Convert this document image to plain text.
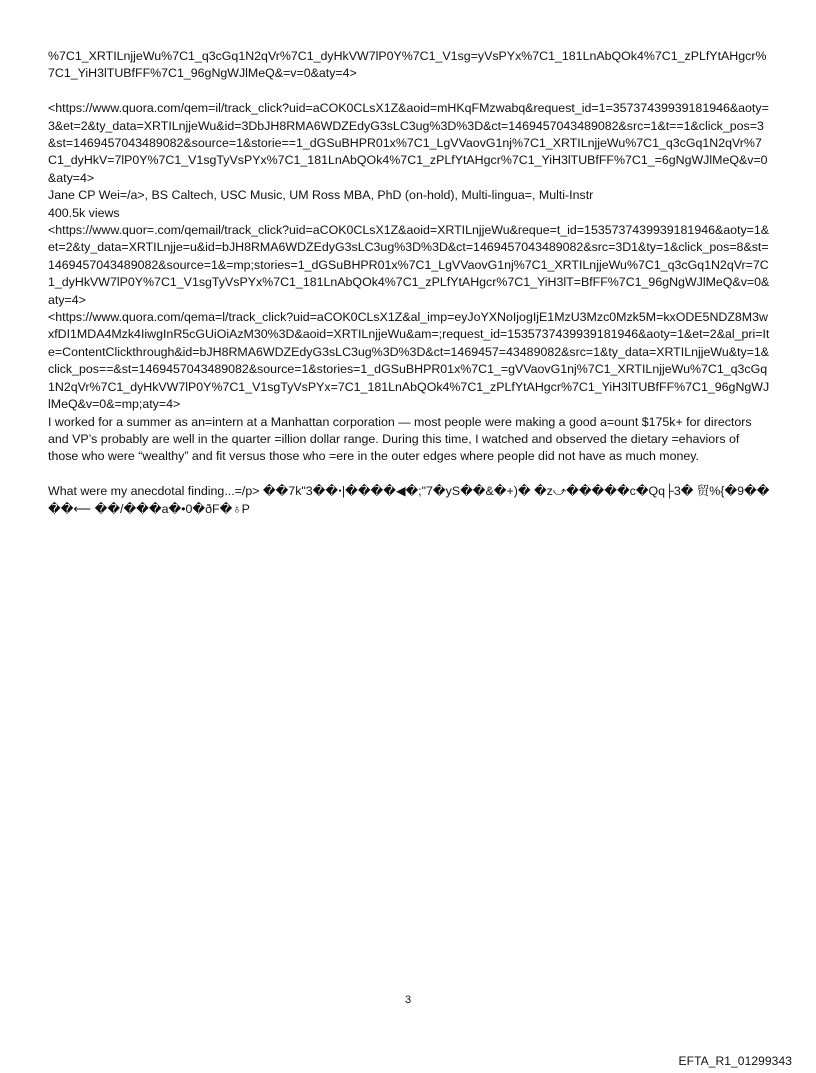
%7C1_XRTILnjjeWu%7C1_q3cGq1N2qVr%7C1_dyHkVW7lP0Y%7C1_V1sg=yVsPYx%7C1_181LnAbQOk4%7C1_zPLfYtAHgcr%7C1_YiH3lTUBfFF%7C1_96gNgWJlMeQ&=v=0&aty=4>

<https://www.quora.com/qem=il/track_click?uid=aCOK0CLsX1Z&aoid=mHKqFMzwabq&request_id=1=35737439939181946&aoty=3&et=2&ty_data=XRTILnjjeWu&id=3DbJH8RMA6WDZEdyG3sLC3ug%3D%3D&ct=1469457043489082&src=1&t==1&click_pos=3&st=1469457043489082&source=1&storie==1_dGSuBHPR01x%7C1_LgVVaovG1nj%7C1_XRTILnjjeWu%7C1_q3cGq1N2qVr%7C1_dyHkV=7lP0Y%7C1_V1sgTyVsPYx%7C1_181LnAbQOk4%7C1_zPLfYtAHgcr%7C1_YiH3lTUBfFF%7C1_=6gNgWJlMeQ&v=0&aty=4>

Jane CP Wei=/a>, BS Caltech, USC Music, UM Ross MBA, PhD (on-hold), Multi-lingua=, Multi-Instr

400.5k views

<https://www.quor=.com/qemail/track_click?uid=aCOK0CLsX1Z&aoid=XRTILnjjeWu&reque=t_id=1535737439939181946&aoty=1&et=2&ty_data=XRTILnjje=u&id=bJH8RMA6WDZEdyG3sLC3ug%3D%3D&ct=1469457043489082&src=3D1&ty=1&click_pos=8&st=1469457043489082&source=1&=mp;stories=1_dGSuBHPR01x%7C1_LgVVaovG1nj%7C1_XRTILnjjeWu%7C1_q3cGq1N2qVr=7C1_dyHkVW7lP0Y%7C1_V1sgTyVsPYx%7C1_181LnAbQOk4%7C1_zPLfYtAHgcr%7C1_YiH3lT=BfFF%7C1_96gNgWJlMeQ&v=0&aty=4>

<https://www.quora.com/qema=l/track_click?uid=aCOK0CLsX1Z&al_imp=eyJoYXNoIjogIjE1MzU3Mzc0Mzk5M=kxODE5NDZ8M3wxfDI1MDA4Mzk4IiwgInR5cGUiOiAzM30%3D&aoid=XRTILnjjeWu&am=;request_id=1535737439939181946&aoty=1&et=2&al_pri=Ite=ContentClickthrough&id=bJH8RMA6WDZEdyG3sLC3ug%3D%3D&ct=1469457=43489082&src=1&ty_data=XRTILnjjeWu&ty=1&click_pos==&st=1469457043489082&source=1&stories=1_dGSuBHPR01x%7C1_=gVVaovG1nj%7C1_XRTILnjjeWu%7C1_q3cGq1N2qVr%7C1_dyHkVW7lP0Y%7C1_V1sgTyVsPYx=7C1_181LnAbQOk4%7C1_zPLfYtAHgcr%7C1_YiH3lTUBfFF%7C1_96gNgWJlMeQ&v=0&=mp;aty=4>

I worked for a summer as an=intern at a Manhattan corporation — most people were making a good a=ount $175k+ for directors and VP’s probably are well in the quarter =illion dollar range. During this time, I watched and observed the dietary =ehaviors of those who were “wealthy” and fit versus those who =ere in the outer edges where people did not have as much money.

What were my anecdotal finding...=/p> ��7k"3��ꞏ|����◀�;"7�yS��&�+)� �z⤻�����c�Qq├3� 贸%{�9����⟵ ��/���a�•0�ðF�♁P

3
EFTA_R1_01299343
